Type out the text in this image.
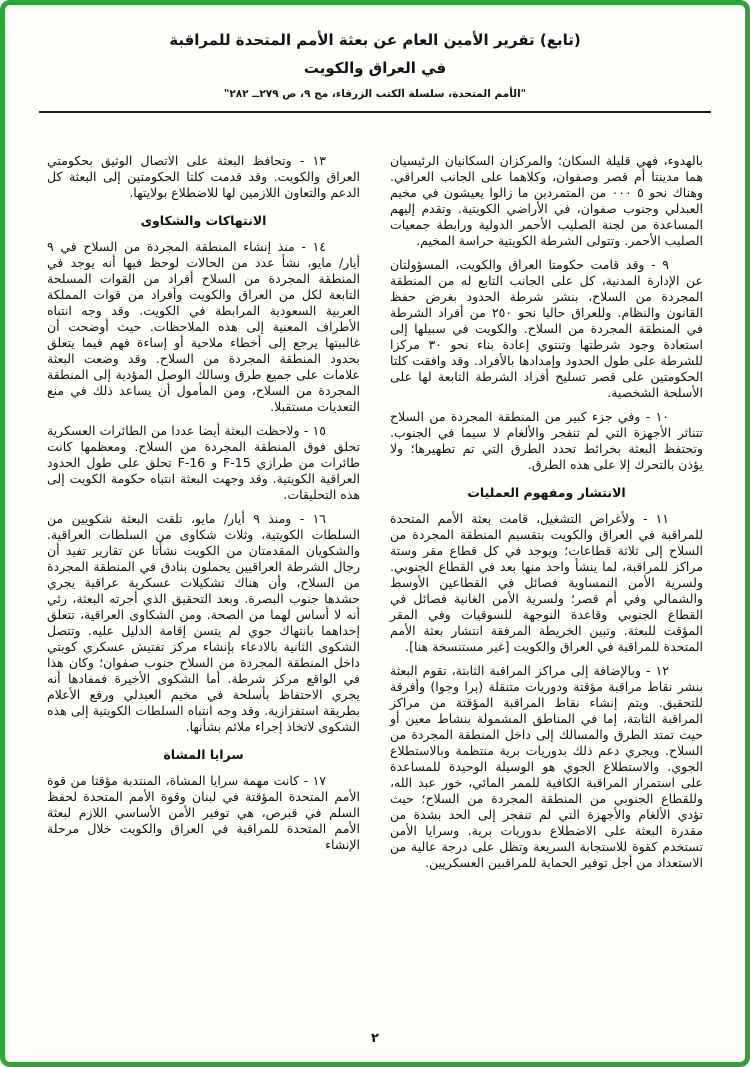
(تابع) تقرير الأمين العام عن بعثة الأمم المتحدة للمراقبة
في العراق والكويت
"الأمم المتحدة، سلسلة الكتب الزرقاء، مج ٩، ص ٢٧٩ــ ٢٨٢"

بالهدوء، فهي قليلة السكان؛ والمركزان السكانيان الرئيسيان هما مدينتا أم قصر وصفوان، وكلاهما على الجانب العراقي. وهناك نحو ٥ ٠٠٠ من المتمردين ما زالوا يعيشون في مخيم العبدلي وجنوب صفوان، في الأراضي الكويتية. وتقدم إليهم المساعدة من لجنة الصليب الأحمر الدولية ورابطة جمعيات الصليب الأحمر. وتتولى الشرطة الكويتية حراسة المخيم.

٩ - وقد قامت حكومتا العراق والكويت، المسؤولتان عن الإدارة المدنية، كل على الجانب التابع له من المنطقة المجردة من السلاح، بنشر شرطة الحدود بغرض حفظ القانون والنظام. وللعراق حاليا نحو ٢٥٠ من أفراد الشرطة في المنطقة المجردة من السلاح. والكويت في سبيلها إلى استعادة وجود شرطتها وتنتوي إعادة بناء نحو ٣٠ مركزا للشرطة على طول الحدود وإمدادها بالأفراد. وقد وافقت كلتا الحكومتين على قصر تسليح أفراد الشرطة التابعة لها على الأسلحة الشخصية.

١٠ - وفي جزء كبير من المنطقة المجردة من السلاح تتناثر الأجهزة التي لم تنفجر والألغام لا سيما في الجنوب. وتحتفظ البعثة بخرائط تحدد الطرق التي تم تطهيرها؛ ولا يؤذن بالتحرك إلا على هذه الطرق.

الانتشار ومفهوم العمليات

١١ - ولأغراض التشغيل، قامت بعثة الأمم المتحدة للمراقبة في العراق والكويت بتقسيم المنطقة المجردة من السلاح إلى ثلاثة قطاعات؛ ويوجد في كل قطاع مقر وستة مراكز للمراقبة، لما ينشأ واحد منها بعد في القطاع الجنوبي. ولسرية الأمن النمساوية فصائل في القطاعين الأوسط والشمالي وفي أم قصر؛ ولسرية الأمن الغانية فصائل في القطاع الجنوبي وقاعدة النوجهة للسوقيات وفي المقر المؤقت للبعثة. وتبين الخريطة المرفقة انتشار بعثة الأمم المتحدة للمراقبة في العراق والكويت [غير مستنسخة هنا].

١٢ - وبالإضافة إلى مراكز المراقبة الثابتة، تقوم البعثة بنشر نقاط مراقبة مؤقتة ودوريات متنقلة (برا وجوا) وأفرقة للتحقيق. ويتم إنشاء نقاط المراقبة المؤقتة من مراكز المراقبة الثابتة، إما في المناطق المشمولة بنشاط معين أو حيث تمتد الطرق والمسالك إلى داخل المنطقة المجردة من السلاح. ويجري دعم ذلك بدوريات برية منتظمة وبالاستطلاع الجوي. والاستطلاع الجوي هو الوسيلة الوحيدة للمساعدة على استمرار المراقبة الكافية للممر المائي، خور عبد الله، وللقطاع الجنوبي من المنطقة المجردة من السلاح؛ حيث تؤدي الألغام والأجهزة التي لم تنفجر إلى الحد بشدة من مقدرة البعثة على الاضطلاع بدوريات برية. وسرايا الأمن تستخدم كقوة للاستجابة السريعة وتظل على درجة عالية من الاستعداد من أجل توفير الحماية للمراقبين العسكريين.

١٣ - وتحافظ البعثة على الاتصال الوثيق بحكومتي العراق والكويت. وقد قدمت كلتا الحكومتين إلى البعثة كل الدعم والتعاون اللازمين لها للاضطلاع بولايتها.

الانتهاكات والشكاوى

١٤ - منذ إنشاء المنطقة المجردة من السلاح في ٩ أيار/ مايو، نشأ عدد من الحالات لوحظ فيها أنه يوجد في المنطقة المجردة من السلاح أفراد من القوات المسلحة التابعة لكل من العراق والكويت وأفراد من قوات المملكة العربية السعودية المرابطة في الكويت. وقد وجه انتباه الأطراف المعنية إلى هذه الملاحظات. حيث أوضحت أن غالبيتها يرجع إلى أخطاء ملاحية أو إساءة فهم فيما يتعلق بحدود المنطقة المجردة من السلاح. وقد وضعت البعثة علامات على جميع طرق وسالك الوصل المؤدية إلى المنطقة المجردة من السلاح، ومن المأمول أن يساعد ذلك في منع التعديات مستقبلا.

١٥ - ولاحظت البعثة أيضا عددا من الطائرات العسكرية تحلق فوق المنطقة المجردة من السلاح. ومعظمها كانت طائرات من طرازي F-15 و F-16 تحلق على طول الحدود العراقية الكويتية. وقد وجهت البعثة انتباه حكومة الكويت إلى هذه التحليقات.

١٦ - ومنذ ٩ أيار/ مايو، تلقت البعثة شكويين من السلطات الكويتية، وثلاث شكاوى من السلطات العراقية. والشكويان المقدمتان من الكويت نشأتا عن تقارير تفيد أن رجال الشرطة العراقيين يحملون بنادق في المنطقة المجردة من السلاح، وأن هناك تشكيلات عسكرية عراقية يجري حشدها جنوب البصرة. وبعد التحقيق الذي أجرته البعثة، رئي أنه لا أساس لهما من الصحة. ومن الشكاوى العراقية، تتعلق إحداهما بانتهاك جوي لم يتسن إقامة الدليل عليه. وتتصل الشكوى الثانية بالادعاء بإنشاء مركز تفتيش عسكري كويتي داخل المنطقة المجردة من السلاح جنوب صفوان؛ وكان هذا في الواقع مركز شرطة. أما الشكوى الأخيرة فمفادها أنه يجري الاحتفاظ بأسلحة في مخيم العبدلي ورفع الأعلام بطريقة استفزازية. وقد وجه انتباه السلطات الكويتية إلى هذه الشكوى لاتخاذ إجراء ملائم بشأنها.

سرايا المشاة

١٧ - كانت مهمة سرايا المشاة، المنتدبة مؤقتا من قوة الأمم المتحدة المؤقتة في لبنان وقوة الأمم المتحدة لحفظ السلم في قبرص، هي توفير الأمن الأساسي اللازم لبعثة الأمم المتحدة للمراقبة في العراق والكويت خلال مرحلة الإنشاء

٢
